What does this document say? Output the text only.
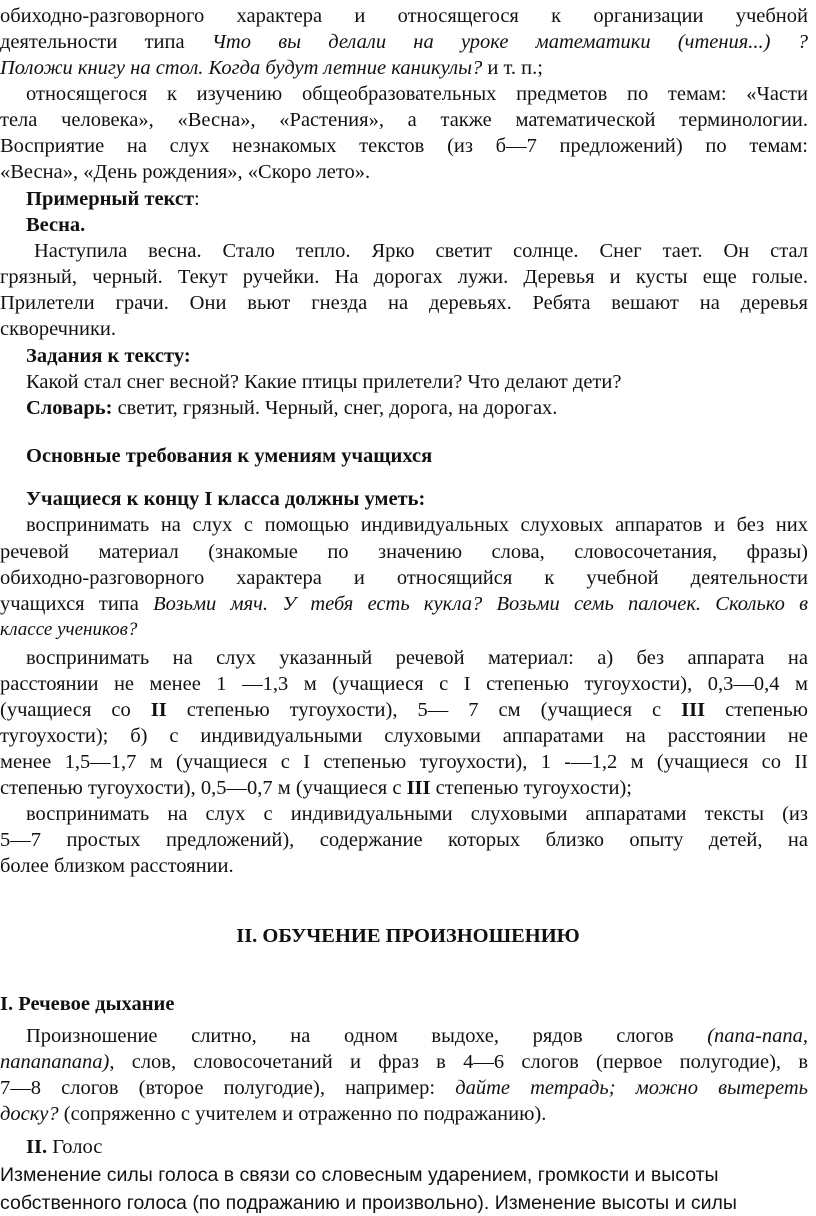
обиходно-разговорного характера и относящегося к организации учебной
деятельности типа Что вы делали на уроке математики (чтения...) ?
Положи книгу на стол. Когда будут летние каникулы? и т. п.;
относящегося к изучению общеобразовательных предметов по темам: «Части
тела человека», «Весна», «Растения», а также математической терминологии.
Восприятие на слух незнакомых текстов (из б—7 предложений) по темам:
«Весна», «День рождения», «Скоро лето».
Примерный текст:
Весна.
Наступила весна. Стало тепло. Ярко светит солнце. Снег тает. Он стал
грязный, черный. Текут ручейки. На дорогах лужи. Деревья и кусты еще голые.
Прилетели грачи. Они вьют гнезда на деревьях. Ребята вешают на деревья
скворечники.
Задания к тексту:
Какой стал снег весной? Какие птицы прилетели? Что делают дети?
Словарь: светит, грязный. Черный, снег, дорога, на дорогах.
Основные требования к умениям учащихся
Учащиеся к концу I класса должны уметь:
воспринимать на слух с помощью индивидуальных слуховых аппаратов и без них
речевой материал (знакомые по значению слова, словосочетания, фразы)
обиходно-разговорного характера и относящийся к учебной деятельности
учащихся типа Возьми мяч. У тебя есть кукла? Возьми семь палочек. Сколько в
классе учеников?
воспринимать на слух указанный речевой материал: а) без аппарата на
расстоянии не менее 1 —1,3 м (учащиеся с I степенью тугоухости), 0,3—0,4 м
(учащиеся со II степенью тугоухости), 5— 7 см (учащиеся с III степенью
тугоухости); б) с индивидуальными слуховыми аппаратами на расстоянии не
менее 1,5—1,7 м (учащиеся с I степенью тугоухости), 1 -—1,2 м (учащиеся со II
степенью тугоухости), 0,5—0,7 м (учащиеся с III степенью тугоухости);
воспринимать на слух с индивидуальными слуховыми аппаратами тексты (из
5—7 простых предложений), содержание которых близко опыту детей, на
более близком расстоянии.
II. ОБУЧЕНИЕ ПРОИЗНОШЕНИЮ
I. Речевое дыхание
Произношение слитно, на одном выдохе, рядов слогов (папа-папа,
папапапапа), слов, словосочетаний и фраз в 4—6 слогов (первое полугодие), в
7—8 слогов (второе полугодие), например: дайте тетрадь; можно вытереть
доску? (сопряженно с учителем и отраженно по подражанию).
II. Голос
Изменение силы голоса в связи со словесным ударением, громкости и высоты
собственного голоса (по подражанию и произвольно). Изменение высоты и силы
